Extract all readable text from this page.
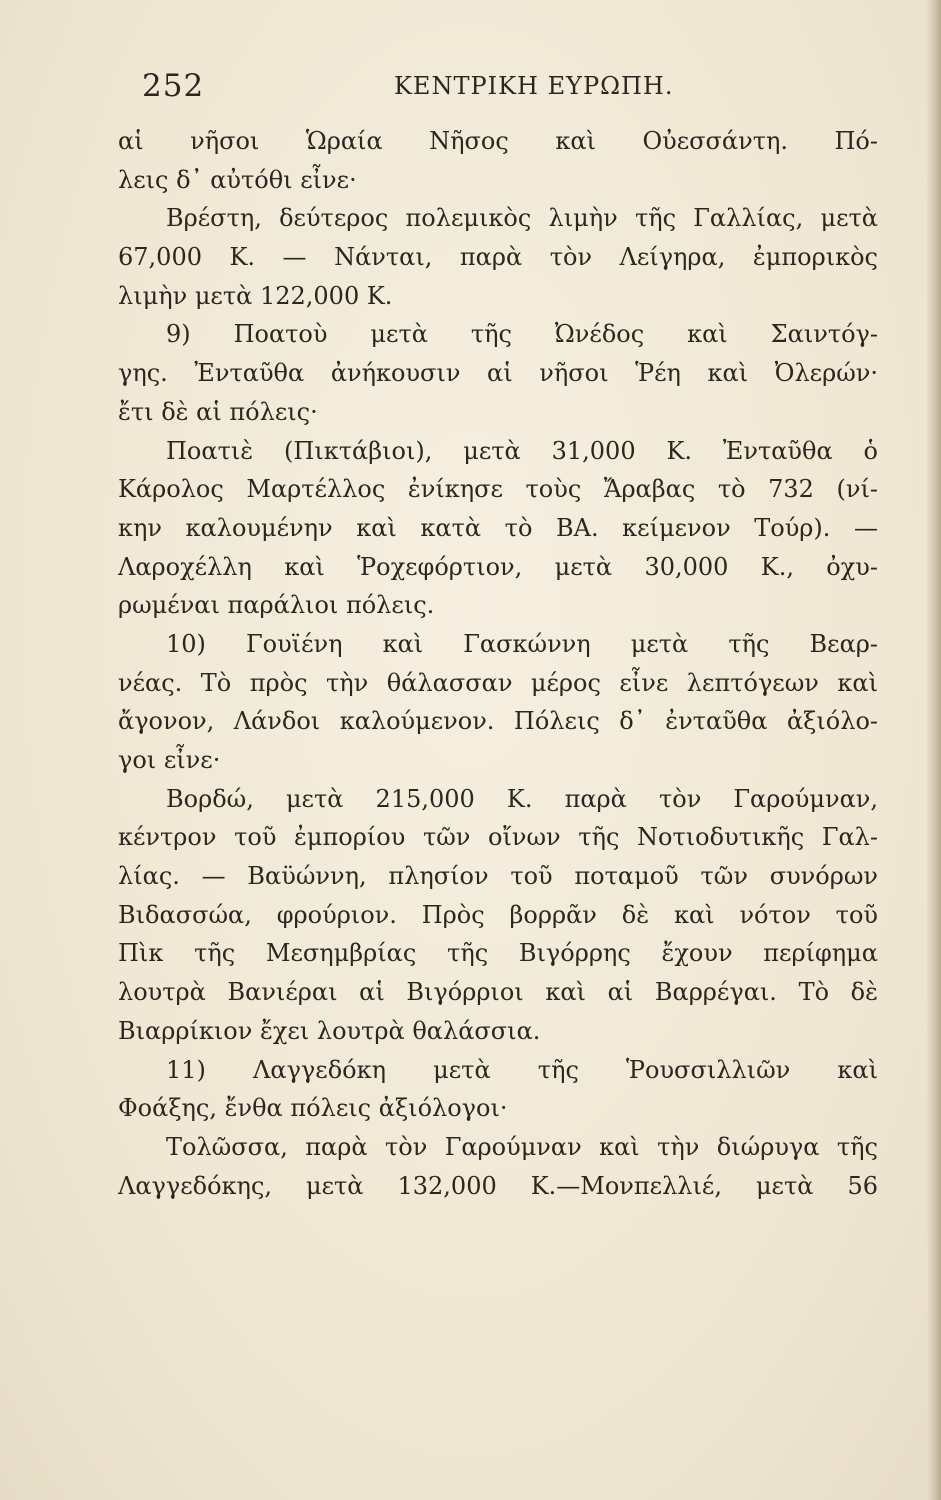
252	ΚΕΝΤΡΙΚΗ ΕΥΡΩΠΗ.
αἱ νῆσοι Ὡραία Νῆσος καὶ Οὐεσσάντη. Πό-
λεις δ᾽ αὐτόθι εἶνε·
Βρέστη, δεύτερος πολεμικὸς λιμὴν τῆς Γαλλίας, μετὰ
67,000 Κ. — Νάνται, παρὰ τὸν Λείγηρα, ἐμπορικὸς
λιμὴν μετὰ 122,000 Κ.
9) Ποατοὺ μετὰ τῆς Ὠνέδος καὶ Σαιντόγ-
γης. Ἐνταῦθα ἀνήκουσιν αἱ νῆσοι Ῥέη καὶ Ὀλερών·
ἔτι δὲ αἱ πόλεις·
Ποατιὲ (Πικτάβιοι), μετὰ 31,000 Κ. Ἐνταῦθα ὁ
Κάρολος Μαρτέλλος ἐνίκησε τοὺς Ἄραβας τὸ 732 (νί-
κην καλουμένην καὶ κατὰ τὸ ΒΑ. κείμενον Τούρ). —
Λαροχέλλη καὶ Ῥοχεφόρτιον, μετὰ 30,000 Κ., ὀχυ-
ρωμέναι παράλιοι πόλεις.
10) Γουϊένη καὶ Γασκώννη μετὰ τῆς Βεαρ-
νέας. Τὸ πρὸς τὴν θάλασσαν μέρος εἶνε λεπτόγεων καὶ
ἄγονον, Λάνδοι καλούμενον. Πόλεις δ᾽ ἐνταῦθα ἀξιόλο-
γοι εἶνε·
Βορδώ, μετὰ 215,000 Κ. παρὰ τὸν Γαρούμναν,
κέντρον τοῦ ἐμπορίου τῶν οἴνων τῆς Νοτιοδυτικῆς Γαλ-
λίας. — Βαϋώννη, πλησίον τοῦ ποταμοῦ τῶν συνόρων
Βιδασσώα, φρούριον. Πρὸς βορρᾶν δὲ καὶ νότον τοῦ
Πὶκ τῆς Μεσημβρίας τῆς Βιγόρρης ἔχουν περίφημα
λουτρὰ Βανιέραι αἱ Βιγόρριοι καὶ αἱ Βαρρέγαι. Τὸ δὲ
Βιαρρίκιον ἔχει λουτρὰ θαλάσσια.
11) Λαγγεδόκη μετὰ τῆς Ῥουσσιλλιῶν καὶ
Φοάξης, ἔνθα πόλεις ἀξιόλογοι·
Τολῶσσα, παρὰ τὸν Γαρούμναν καὶ τὴν διώρυγα τῆς
Λαγγεδόκης, μετὰ 132,000 Κ.—Μονπελλιέ, μετὰ 56
